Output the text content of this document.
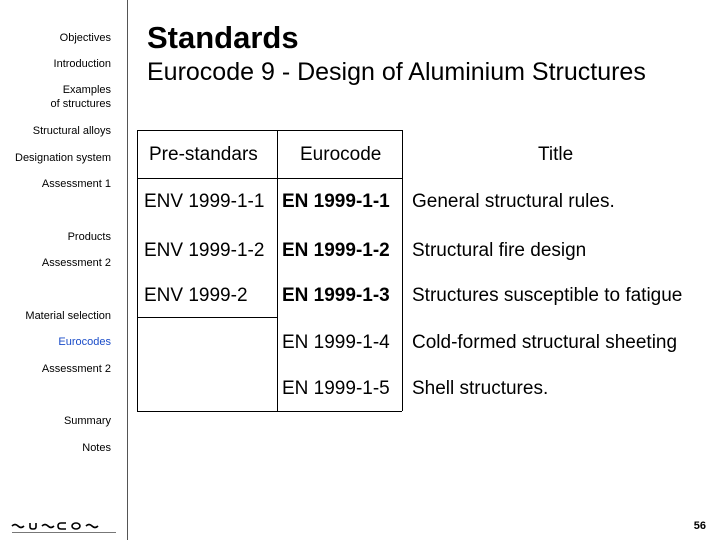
Objectives
Introduction
Examples
of structures
Structural alloys
Designation system
Assessment 1
Products
Assessment 2
Material selection
Eurocodes
Assessment 2
Summary
Notes
Standards
Eurocode 9 - Design of Aluminium Structures
Pre-standars Eurocode	Title
ENV 1999-1-1 EN 1999-1-1 General structural rules.
ENV 1999-1-2 EN 1999-1-2 Structural fire design
ENV 1999-2 EN 1999-1-3 Structures susceptible to fatigue
EN 1999-1-4 Cold-formed structural sheeting
EN 1999-1-5 Shell structures.
56
